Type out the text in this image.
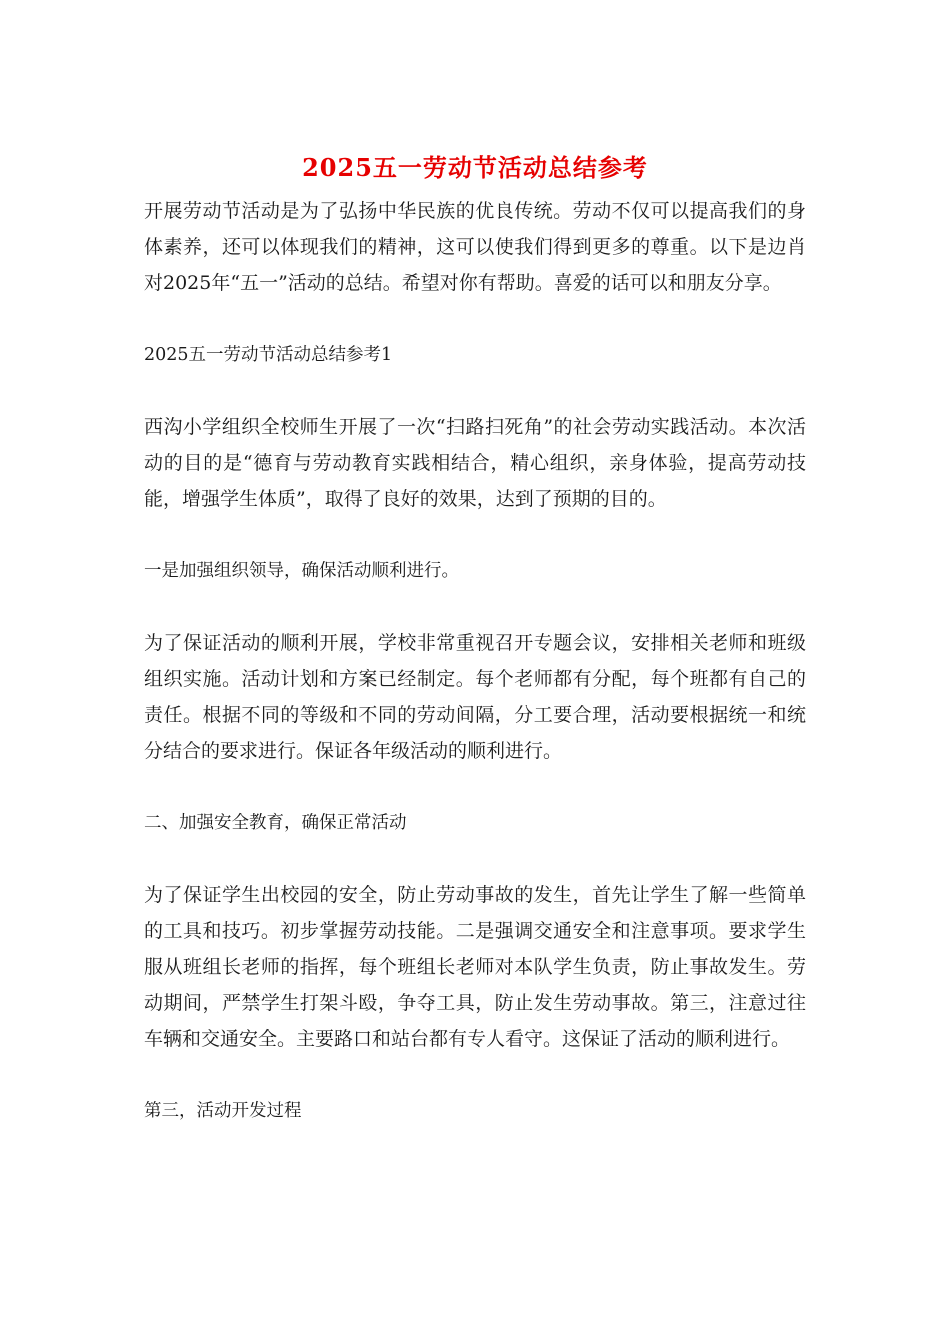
2025五一劳动节活动总结参考

开展劳动节活动是为了弘扬中华民族的优良传统。劳动不仅可以提高我们的身体素养，还可以体现我们的精神，这可以使我们得到更多的尊重。以下是边肖对2025年“五一”活动的总结。希望对你有帮助。喜爱的话可以和朋友分享。

2025五一劳动节活动总结参考1

西沟小学组织全校师生开展了一次“扫路扫死角”的社会劳动实践活动。本次活动的目的是“德育与劳动教育实践相结合，精心组织，亲身体验，提高劳动技能，增强学生体质”，取得了良好的效果，达到了预期的目的。

一是加强组织领导，确保活动顺利进行。

为了保证活动的顺利开展，学校非常重视召开专题会议，安排相关老师和班级组织实施。活动计划和方案已经制定。每个老师都有分配，每个班都有自己的责任。根据不同的等级和不同的劳动间隔，分工要合理，活动要根据统一和统分结合的要求进行。保证各年级活动的顺利进行。

二、加强安全教育，确保正常活动

为了保证学生出校园的安全，防止劳动事故的发生，首先让学生了解一些简单的工具和技巧。初步掌握劳动技能。二是强调交通安全和注意事项。要求学生服从班组长老师的指挥，每个班组长老师对本队学生负责，防止事故发生。劳动期间，严禁学生打架斗殴，争夺工具，防止发生劳动事故。第三，注意过往车辆和交通安全。主要路口和站台都有专人看守。这保证了活动的顺利进行。

第三，活动开发过程
